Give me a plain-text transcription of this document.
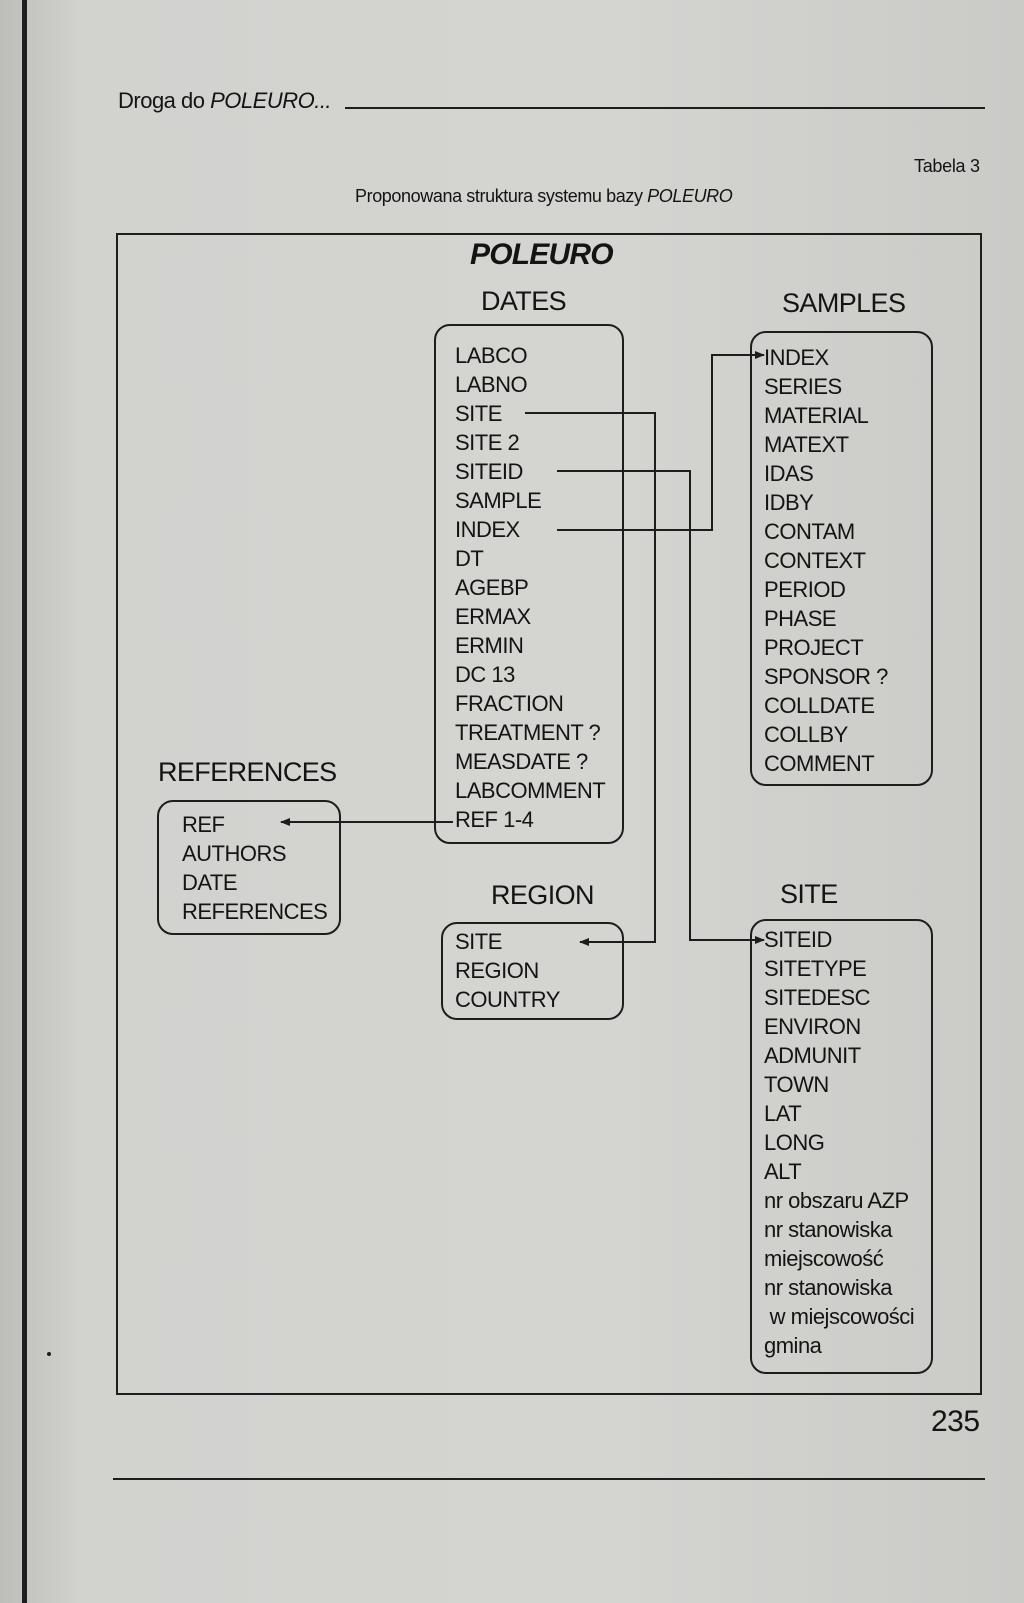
Droga do POLEURO...
Tabela 3
Proponowana struktura systemu bazy POLEURO
POLEURO
DATES
LABCO
LABNO
SITE
SITE 2
SITEID
SAMPLE
INDEX
DT
AGEBP
ERMAX
ERMIN
DC 13
FRACTION
TREATMENT ?
MEASDATE ?
LABCOMMENT
REF 1-4
SAMPLES
INDEX
SERIES
MATERIAL
MATEXT
IDAS
IDBY
CONTAM
CONTEXT
PERIOD
PHASE
PROJECT
SPONSOR ?
COLLDATE
COLLBY
COMMENT
REFERENCES
REF
AUTHORS
DATE
REFERENCES
REGION
SITE
REGION
COUNTRY
SITE
SITEID
SITETYPE
SITEDESC
ENVIRON
ADMUNIT
TOWN
LAT
LONG
ALT
nr obszaru AZP
nr stanowiska
miejscowość
nr stanowiska
w miejscowości
gmina
235
